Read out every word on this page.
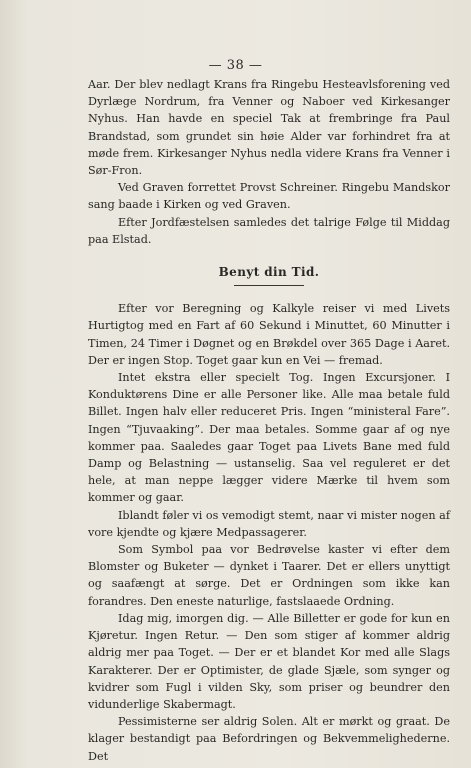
— 38 —

Aar. Der blev nedlagt Krans fra Ringebu Hesteavlsforening ved Dyrlæge Nordrum, fra Venner og Naboer ved Kirkesanger Nyhus. Han havde en speciel Tak at frembringe fra Paul Brandstad, som grundet sin høie Alder var forhindret fra at møde frem. Kirkesanger Nyhus nedla videre Krans fra Venner i Sør-Fron.

Ved Graven forrettet Provst Schreiner. Ringebu Mandskor sang baade i Kirken og ved Graven.

Efter Jordfæstelsen samledes det talrige Følge til Middag paa Elstad.

Benyt din Tid.

Efter vor Beregning og Kalkyle reiser vi med Livets Hurtigtog med en Fart af 60 Sekund i Minuttet, 60 Minutter i Timen, 24 Timer i Døgnet og en Brøkdel over 365 Dage i Aaret. Der er ingen Stop. Toget gaar kun en Vei — fremad.

Intet ekstra eller specielt Tog. Ingen Excursjoner. I Konduktørens Dine er alle Personer like. Alle maa betale fuld Billet. Ingen halv eller reduceret Pris. Ingen “ministeral Fare”. Ingen “Tjuvaaking”. Der maa betales. Somme gaar af og nye kommer paa. Saaledes gaar Toget paa Livets Bane med fuld Damp og Belastning — ustanselig. Saa vel reguleret er det hele, at man neppe lægger videre Mærke til hvem som kommer og gaar.

Iblandt føler vi os vemodigt stemt, naar vi mister nogen af vore kjendte og kjære Medpassagerer.

Som Symbol paa vor Bedrøvelse kaster vi efter dem Blomster og Buketer — dynket i Taarer. Det er ellers unyttigt og saafængt at sørge. Det er Ordningen som ikke kan forandres. Den eneste naturlige, fastslaaede Ordning.

Idag mig, imorgen dig. — Alle Billetter er gode for kun en Kjøretur. Ingen Retur. — Den som stiger af kommer aldrig aldrig mer paa Toget. — Der er et blandet Kor med alle Slags Karakterer. Der er Optimister, de glade Sjæle, som synger og kvidrer som Fugl i vilden Sky, som priser og beundrer den vidunderlige Skabermagt.

Pessimisterne ser aldrig Solen. Alt er mørkt og graat. De klager bestandigt paa Befordringen og Bekvemmelighederne. Det
